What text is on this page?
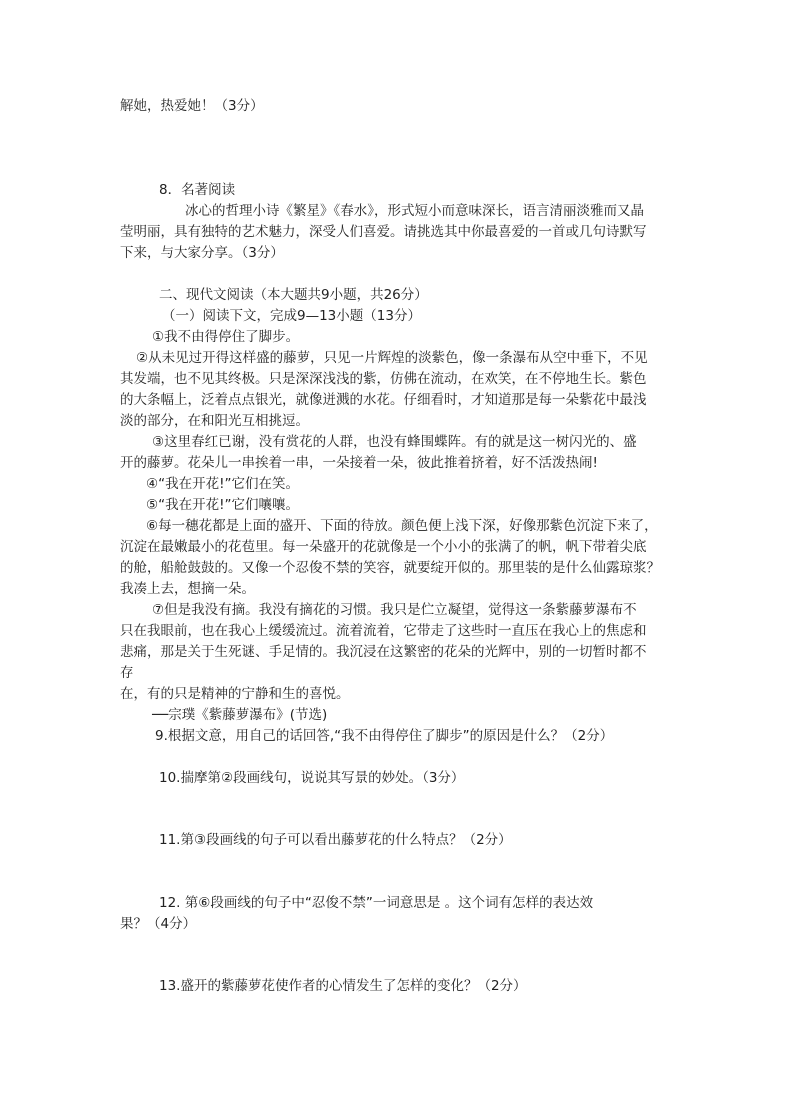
解她，热爱她！（3分）
8．名著阅读
冰心的哲理小诗《繁星》《春水》，形式短小而意味深长，语言清丽淡雅而又晶
莹明丽，具有独特的艺术魅力，深受人们喜爱。请挑选其中你最喜爱的一首或几句诗默写
下来，与大家分享。（3分）
二、现代文阅读（本大题共9小题，共26分）
（一）阅读下文，完成9—13小题（13分）
①我不由得停住了脚步。
②从未见过开得这样盛的藤萝，只见一片辉煌的淡紫色，像一条瀑布从空中垂下，不见
其发端，也不见其终极。只是深深浅浅的紫，仿佛在流动，在欢笑，在不停地生长。紫色
的大条幅上，泛着点点银光，就像迸溅的水花。仔细看时，才知道那是每一朵紫花中最浅
淡的部分，在和阳光互相挑逗。
③这里春红已谢，没有赏花的人群，也没有蜂围蝶阵。有的就是这一树闪光的、盛
开的藤萝。花朵儿一串挨着一串，一朵接着一朵，彼此推着挤着，好不活泼热闹!
④“我在开花!”它们在笑。
⑤“我在开花!”它们嚷嚷。
⑥每一穗花都是上面的盛开、下面的待放。颜色便上浅下深，好像那紫色沉淀下来了，
沉淀在最嫩最小的花苞里。每一朵盛开的花就像是一个小小的张满了的帆，帆下带着尖底
的舱，船舱鼓鼓的。又像一个忍俊不禁的笑容，就要绽开似的。那里装的是什么仙露琼浆？
我凑上去，想摘一朵。
⑦但是我没有摘。我没有摘花的习惯。我只是伫立凝望，觉得这一条紫藤萝瀑布不
只在我眼前，也在我心上缓缓流过。流着流着，它带走了这些时一直压在我心上的焦虑和
悲痛，那是关于生死谜、手足情的。我沉浸在这繁密的花朵的光辉中，别的一切暂时都不
存
在，有的只是精神的宁静和生的喜悦。
──宗璞《紫藤萝瀑布》(节选)
9.根据文意，用自己的话回答,“我不由得停住了脚步”的原因是什么？（2分）
10.揣摩第②段画线句，说说其写景的妙处。（3分）
11.第③段画线的句子可以看出藤萝花的什么特点？（2分）
12. 第⑥段画线的句子中“忍俊不禁”一词意思是 。这个词有怎样的表达效
果？（4分）
13.盛开的紫藤萝花使作者的心情发生了怎样的变化？（2分）
